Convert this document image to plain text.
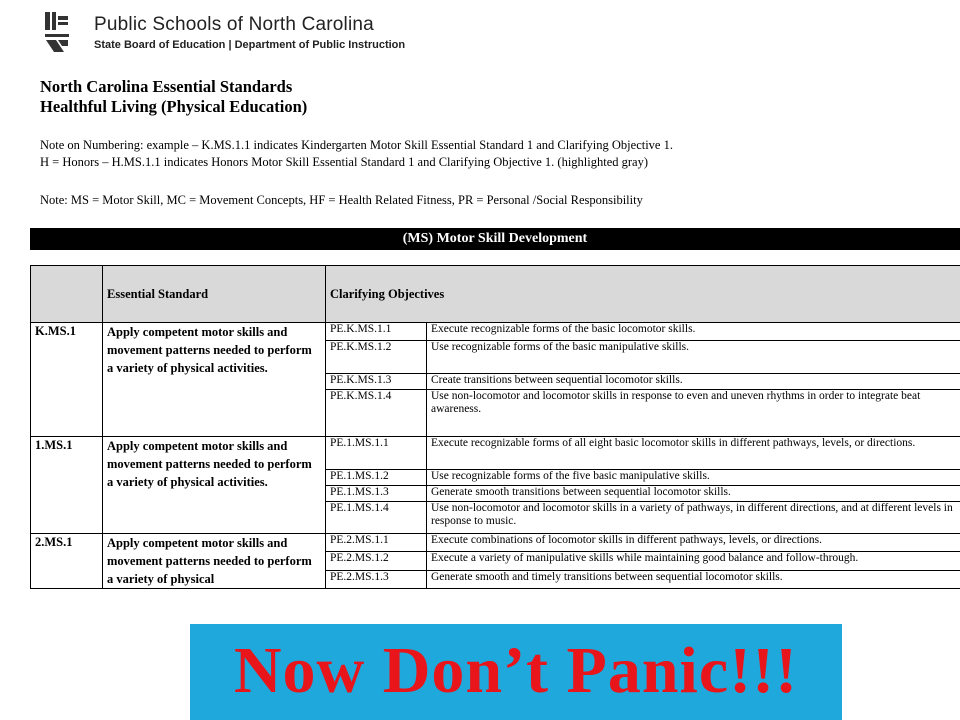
Public Schools of North Carolina
State Board of Education | Department of Public Instruction
North Carolina Essential Standards
Healthful Living (Physical Education)
Note on Numbering: example – K.MS.1.1 indicates Kindergarten Motor Skill Essential Standard 1 and Clarifying Objective 1.
H = Honors – H.MS.1.1 indicates Honors Motor Skill Essential Standard 1 and Clarifying Objective 1. (highlighted gray)
Note: MS = Motor Skill, MC = Movement Concepts, HF = Health Related Fitness, PR = Personal /Social Responsibility
(MS) Motor Skill Development
	Essential Standard	Clarifying Objectives	
K.MS.1	Apply competent motor skills and movement patterns needed to perform a variety of physical activities.	PE.K.MS.1.1	Execute recognizable forms of the basic locomotor skills.
		PE.K.MS.1.2	Use recognizable forms of the basic manipulative skills.
		PE.K.MS.1.3	Create transitions between sequential locomotor skills.
		PE.K.MS.1.4	Use non-locomotor and locomotor skills in response to even and uneven rhythms in order to integrate beat awareness.
1.MS.1	Apply competent motor skills and movement patterns needed to perform a variety of physical activities.	PE.1.MS.1.1	Execute recognizable forms of all eight basic locomotor skills in different pathways, levels, or directions.
		PE.1.MS.1.2	Use recognizable forms of the five basic manipulative skills.
		PE.1.MS.1.3	Generate smooth transitions between sequential locomotor skills.
		PE.1.MS.1.4	Use non-locomotor and locomotor skills in a variety of pathways, in different directions, and at different levels in response to music.
2.MS.1	Apply competent motor skills and movement patterns needed to perform a variety of physical	PE.2.MS.1.1	Execute combinations of locomotor skills in different pathways, levels, or directions.
		PE.2.MS.1.2	Execute a variety of manipulative skills while maintaining good balance and follow-through.
		PE.2.MS.1.3	Generate smooth and timely transitions between sequential locomotor skills.
Now Don’t Panic!!!
